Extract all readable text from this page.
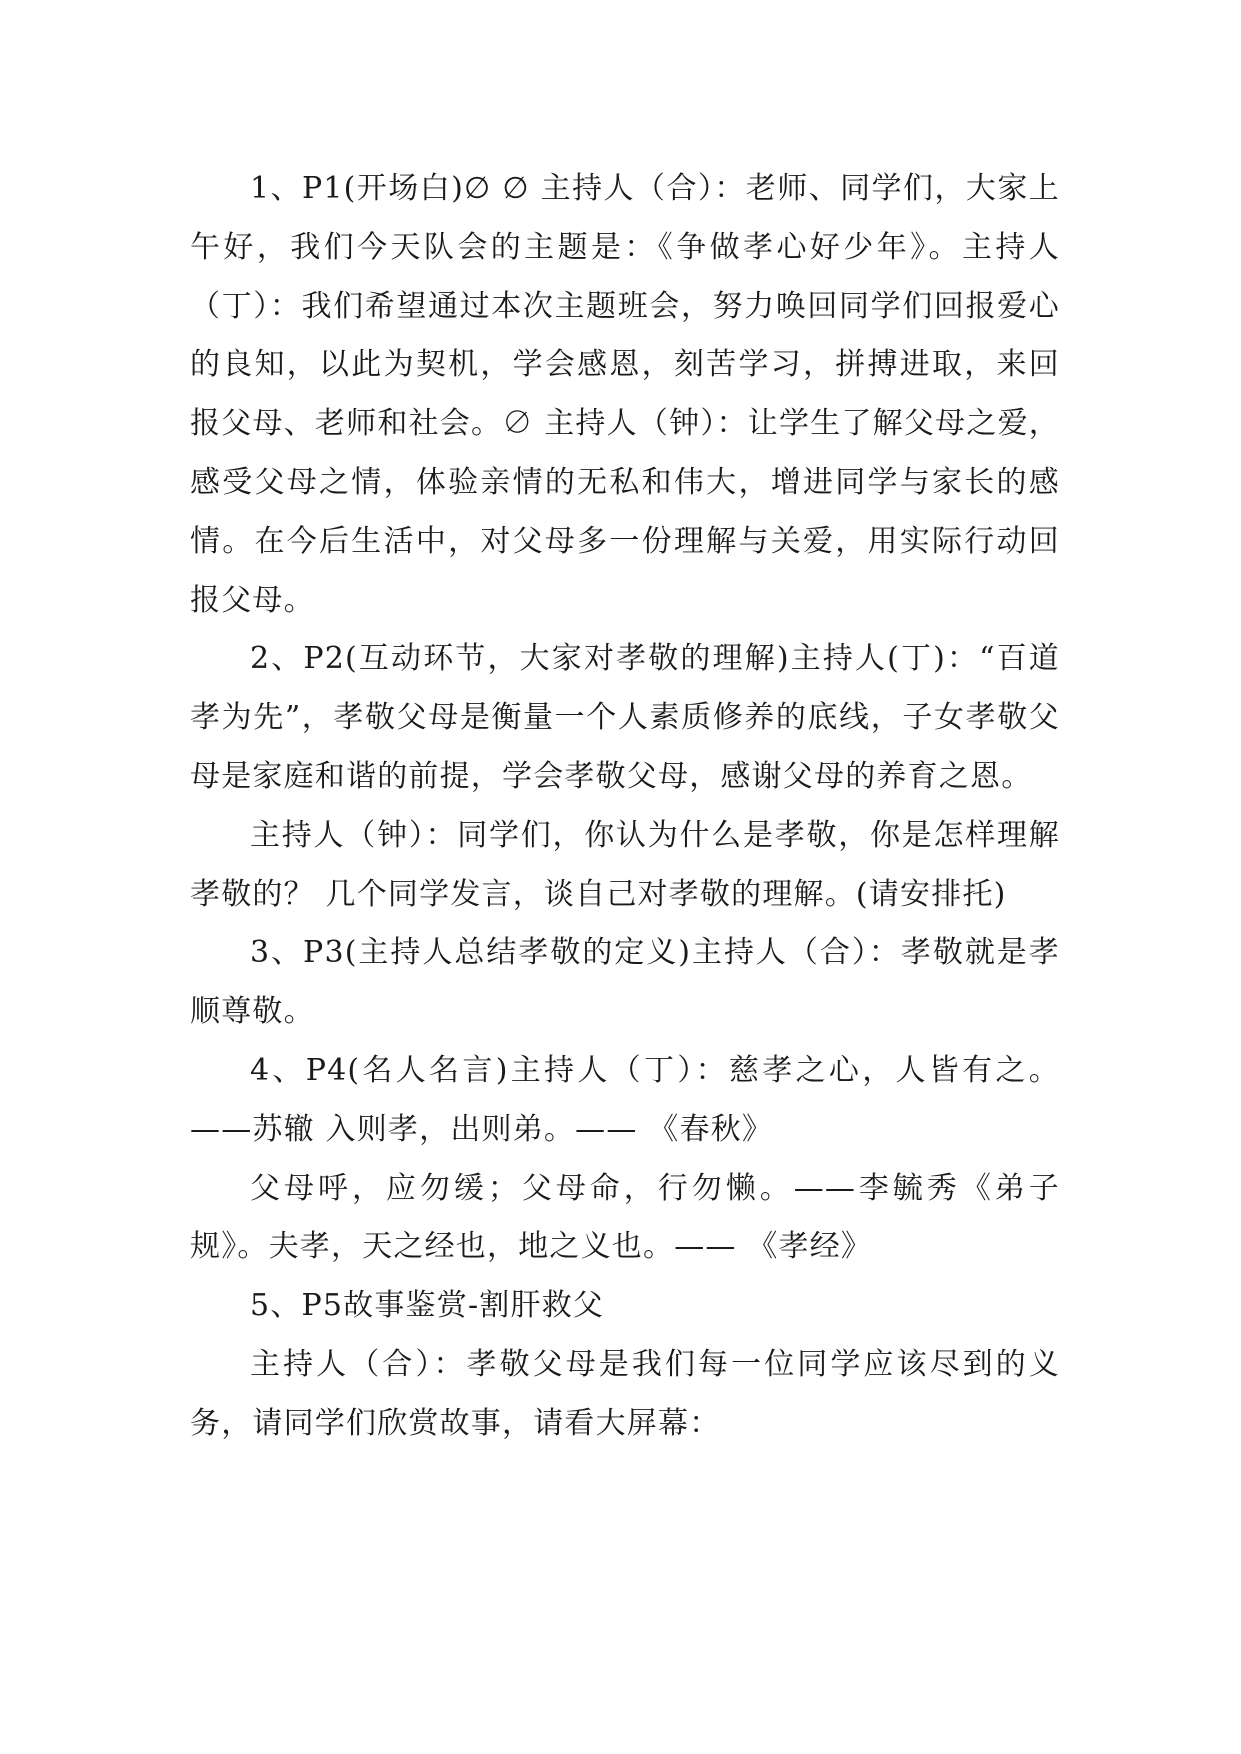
1、P1(开场白)∅ ∅ 主持人（合）：老师、同学们，大家上午好，我们今天队会的主题是：《争做孝心好少年》。主持人（丁）：我们希望通过本次主题班会，努力唤回同学们回报爱心的良知，以此为契机，学会感恩，刻苦学习，拼搏进取，来回报父母、老师和社会。∅ 主持人（钟）：让学生了解父母之爱，感受父母之情，体验亲情的无私和伟大，增进同学与家长的感情。在今后生活中，对父母多一份理解与关爱，用实际行动回报父母。

2、P2(互动环节，大家对孝敬的理解)主持人(丁)：“百道孝为先”，孝敬父母是衡量一个人素质修养的底线，子女孝敬父母是家庭和谐的前提，学会孝敬父母，感谢父母的养育之恩。

主持人（钟）：同学们，你认为什么是孝敬，你是怎样理解孝敬的？ 几个同学发言，谈自己对孝敬的理解。(请安排托)

3、P3(主持人总结孝敬的定义)主持人（合）：孝敬就是孝顺尊敬。

4、P4(名人名言)主持人（丁）：慈孝之心，人皆有之。——苏辙 入则孝，出则弟。—— 《春秋》

父母呼，应勿缓；父母命，行勿懒。——李毓秀《弟子规》。夫孝，天之经也，地之义也。—— 《孝经》

5、P5故事鉴赏-割肝救父

主持人（合）：孝敬父母是我们每一位同学应该尽到的义务，请同学们欣赏故事，请看大屏幕：
